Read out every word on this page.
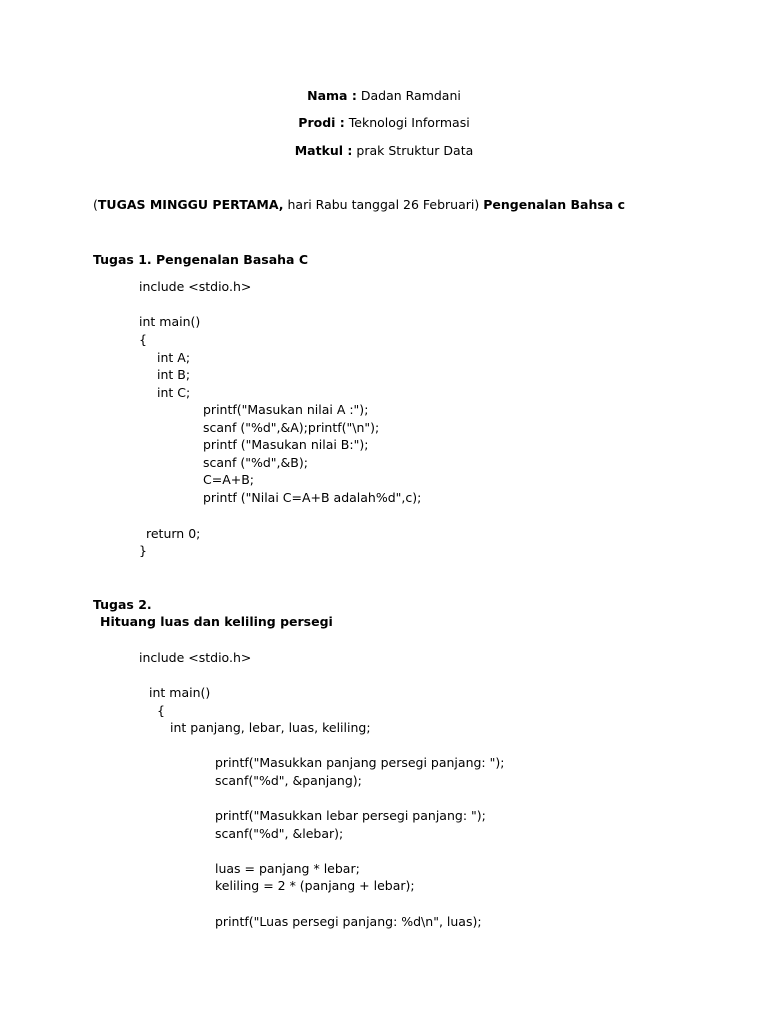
Nama : Dadan Ramdani
Prodi : Teknologi Informasi
Matkul : prak Struktur Data
(TUGAS MINGGU PERTAMA, hari Rabu tanggal 26 Februari) Pengenalan Bahsa c
Tugas 1. Pengenalan Basaha C
include <stdio.h>
int main()
{
int A;
int B;
int C;
printf("Masukan nilai A :");
scanf ("%d",&A);printf("\n");
printf ("Masukan nilai B:");
scanf ("%d",&B);
C=A+B;
printf ("Nilai C=A+B adalah%d",c);
return 0;
}
Tugas 2.
Hituang luas dan keliling persegi
include <stdio.h>
int main()
{
int panjang, lebar, luas, keliling;
printf("Masukkan panjang persegi panjang: ");
scanf("%d", &panjang);
printf("Masukkan lebar persegi panjang: ");
scanf("%d", &lebar);
luas = panjang * lebar;
keliling = 2 * (panjang + lebar);
printf("Luas persegi panjang: %d\n", luas);
